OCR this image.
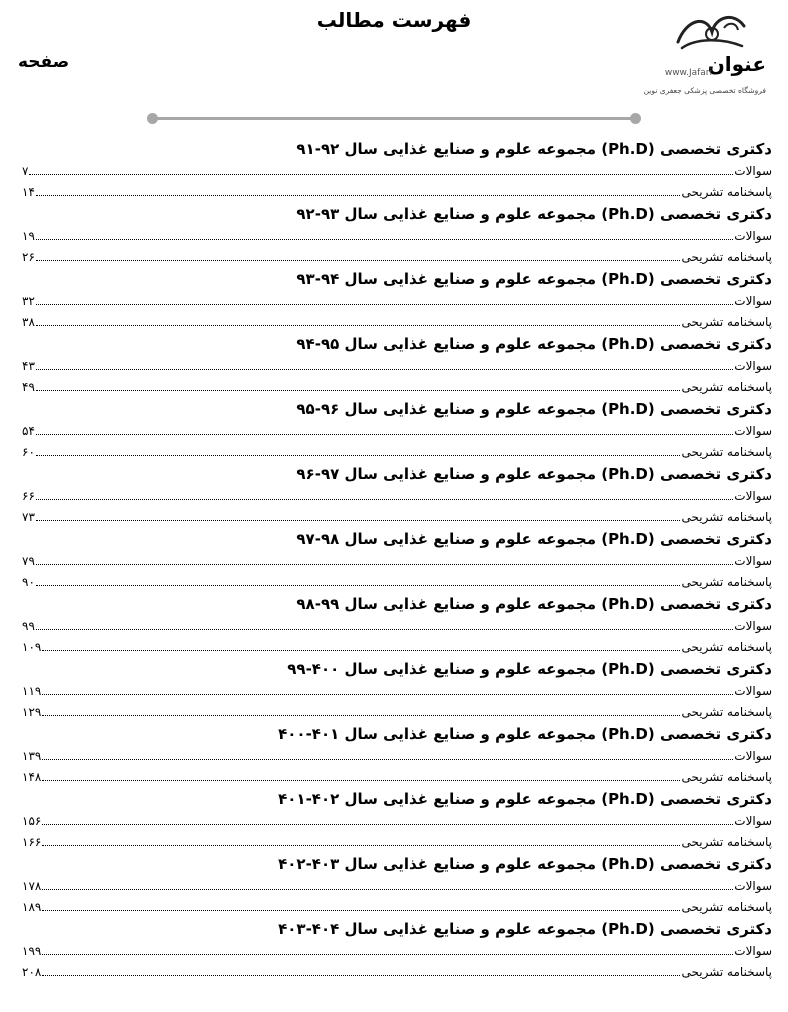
فهرست مطالب
صفحه	عنوان
www.Jafari
فروشگاه تخصصی پزشکی جعفری نوین
دکتری تخصصی (Ph.D) مجموعه علوم و صنایع غذایی سال ۹۲-۹۱
سوالات
۷
پاسخنامه تشریحی
۱۴
دکتری تخصصی (Ph.D) مجموعه علوم و صنایع غذایی سال ۹۳-۹۲
سوالات
۱۹
پاسخنامه تشریحی
۲۶
دکتری تخصصی (Ph.D) مجموعه علوم و صنایع غذایی سال ۹۴-۹۳
سوالات
۳۲
پاسخنامه تشریحی
۳۸
دکتری تخصصی (Ph.D) مجموعه علوم و صنایع غذایی سال ۹۵-۹۴
سوالات
۴۳
پاسخنامه تشریحی
۴۹
دکتری تخصصی (Ph.D) مجموعه علوم و صنایع غذایی سال ۹۶-۹۵
سوالات
۵۴
پاسخنامه تشریحی
۶۰
دکتری تخصصی (Ph.D) مجموعه علوم و صنایع غذایی سال ۹۷-۹۶
سوالات
۶۶
پاسخنامه تشریحی
۷۳
دکتری تخصصی (Ph.D) مجموعه علوم و صنایع غذایی سال ۹۸-۹۷
سوالات
۷۹
پاسخنامه تشریحی
۹۰
دکتری تخصصی (Ph.D) مجموعه علوم و صنایع غذایی سال ۹۹-۹۸
سوالات
۹۹
پاسخنامه تشریحی
۱۰۹
دکتری تخصصی (Ph.D) مجموعه علوم و صنایع غذایی سال ۴۰۰-۹۹
سوالات
۱۱۹
پاسخنامه تشریحی
۱۲۹
دکتری تخصصی (Ph.D) مجموعه علوم و صنایع غذایی سال ۴۰۱-۴۰۰
سوالات
۱۳۹
پاسخنامه تشریحی
۱۴۸
دکتری تخصصی (Ph.D) مجموعه علوم و صنایع غذایی سال ۴۰۲-۴۰۱
سوالات
۱۵۶
پاسخنامه تشریحی
۱۶۶
دکتری تخصصی (Ph.D) مجموعه علوم و صنایع غذایی سال ۴۰۳-۴۰۲
سوالات
۱۷۸
پاسخنامه تشریحی
۱۸۹
دکتری تخصصی (Ph.D) مجموعه علوم و صنایع غذایی سال ۴۰۴-۴۰۳
سوالات
۱۹۹
پاسخنامه تشریحی
۲۰۸
